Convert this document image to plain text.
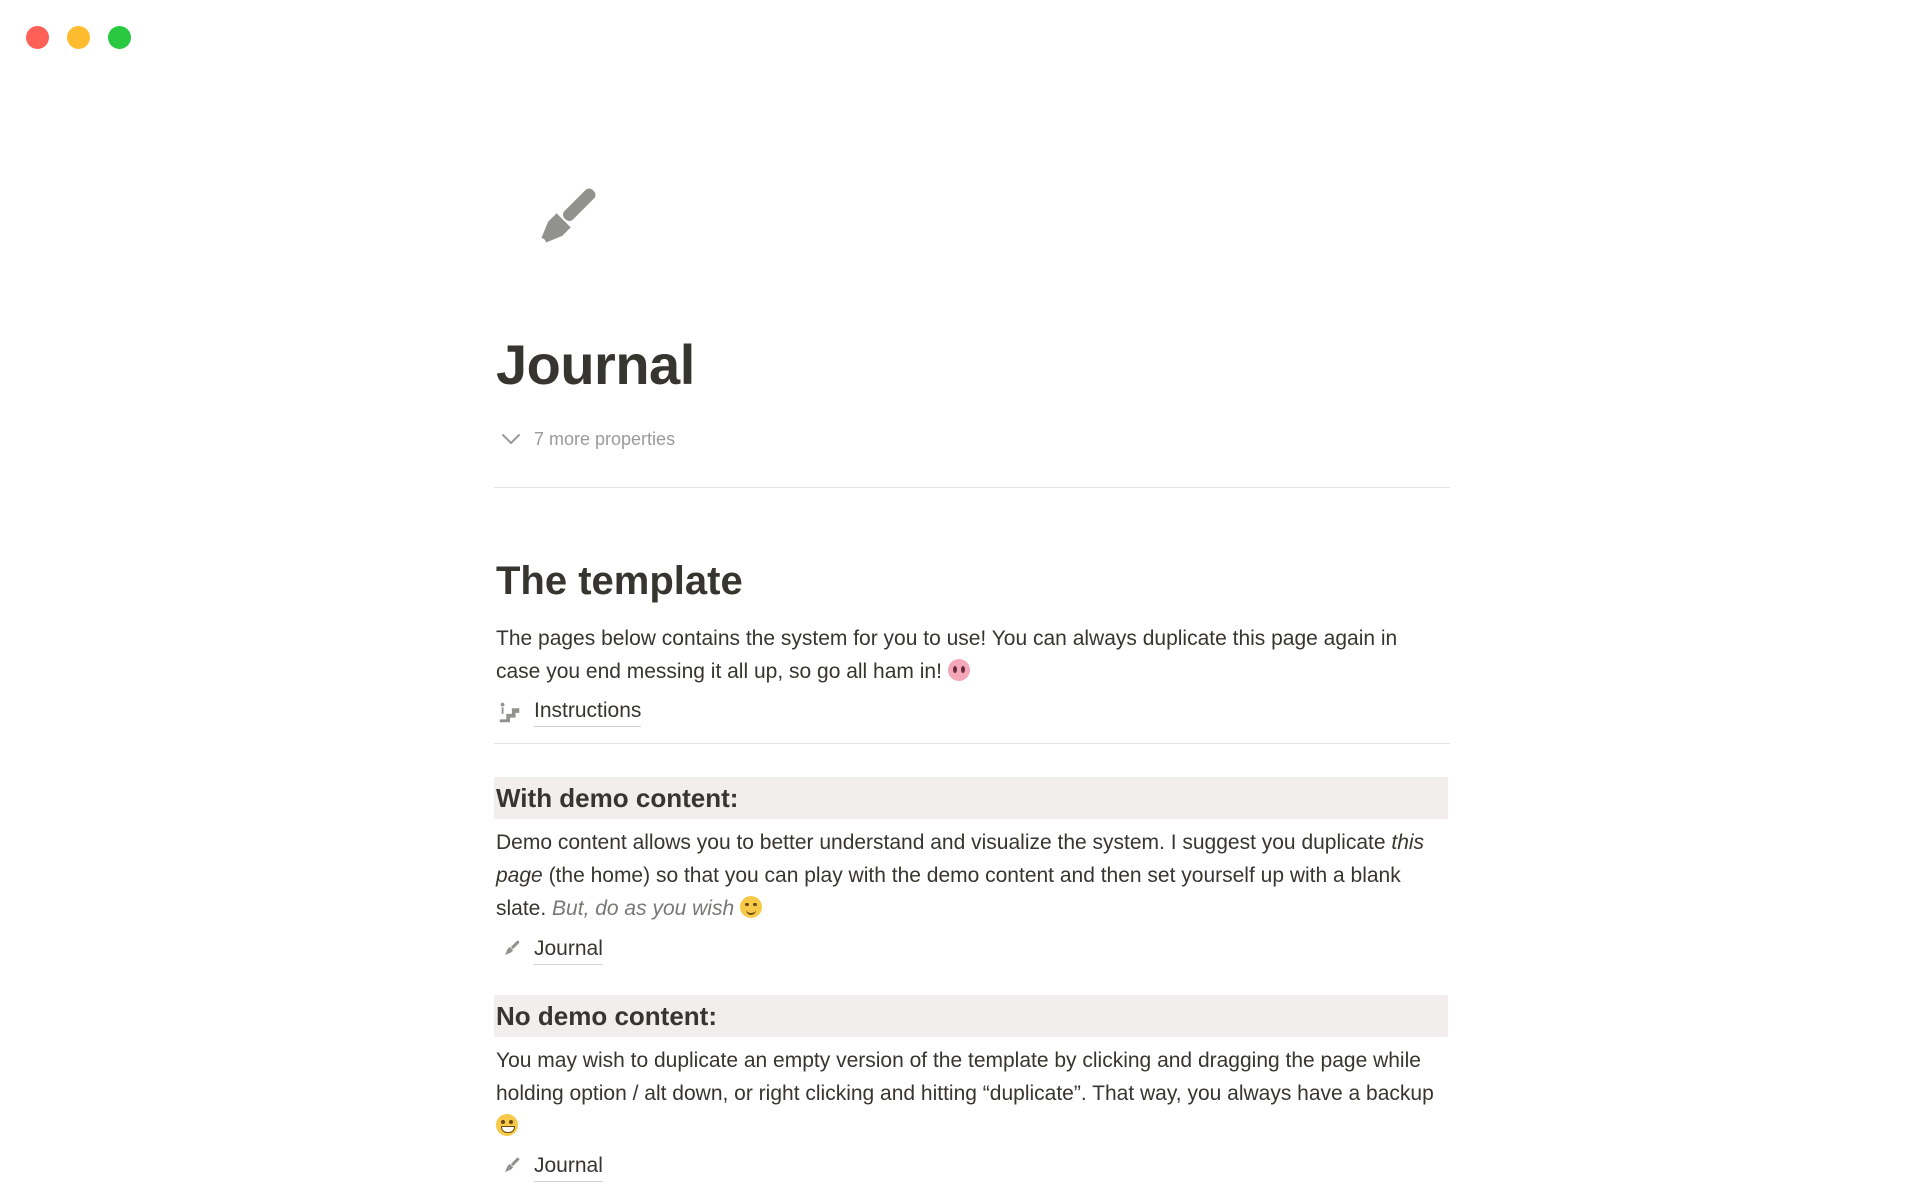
Journal
7 more properties
The template

The pages below contains the system for you to use! You can always duplicate this page again in case you end messing it all up, so go all ham in!

Instructions
With demo content:

Demo content allows you to better understand and visualize the system. I suggest you duplicate this page (the home) so that you can play with the demo content and then set yourself up with a blank slate. But, do as you wish

Journal
No demo content:

You may wish to duplicate an empty version of the template by clicking and dragging the page while holding option / alt down, or right clicking and hitting “duplicate”. That way, you always have a backup

Journal
